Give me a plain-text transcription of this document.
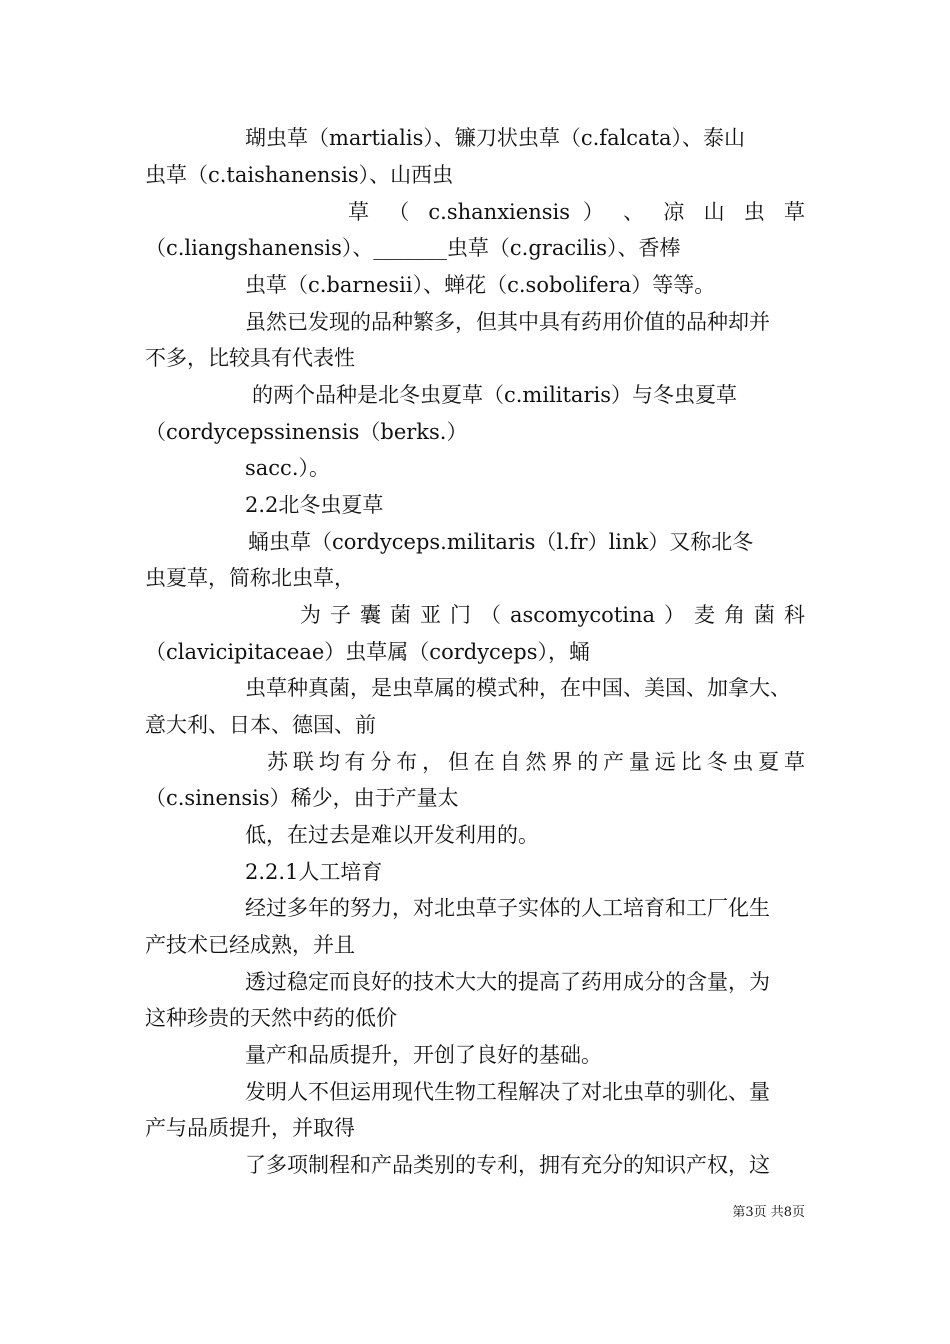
瑚虫草（martialis）、镰刀状虫草（c.falcata）、泰山
虫草（c.taishanensis）、山西虫
草 （ c.shanxiensis ） 、 凉 山 虫 草
（c.liangshanensis）、_______虫草（c.gracilis）、香棒
虫草（c.barnesii）、蝉花（c.sobolifera）等等。
虽然已发现的品种繁多，但其中具有药用价值的品种却并
不多，比较具有代表性
的两个品种是北冬虫夏草（c.militaris）与冬虫夏草
（cordycepssinensis（berks.）
sacc.）。
2.2北冬虫夏草
蛹虫草（cordyceps.militaris（l.fr）link）又称北冬
虫夏草，简称北虫草，
为子囊菌亚门（ascomycotina）麦角菌科
（clavicipitaceae）虫草属（cordyceps），蛹
虫草种真菌，是虫草属的模式种，在中国、美国、加拿大、
意大利、日本、德国、前
苏联均有分布，但在自然界的产量远比冬虫夏草
（c.sinensis）稀少，由于产量太
低，在过去是难以开发利用的。
2.2.1人工培育
经过多年的努力，对北虫草子实体的人工培育和工厂化生
产技术已经成熟，并且
透过稳定而良好的技术大大的提高了药用成分的含量，为
这种珍贵的天然中药的低价
量产和品质提升，开创了良好的基础。
发明人不但运用现代生物工程解决了对北虫草的驯化、量
产与品质提升，并取得
了多项制程和产品类别的专利，拥有充分的知识产权，这
第3页 共8页
